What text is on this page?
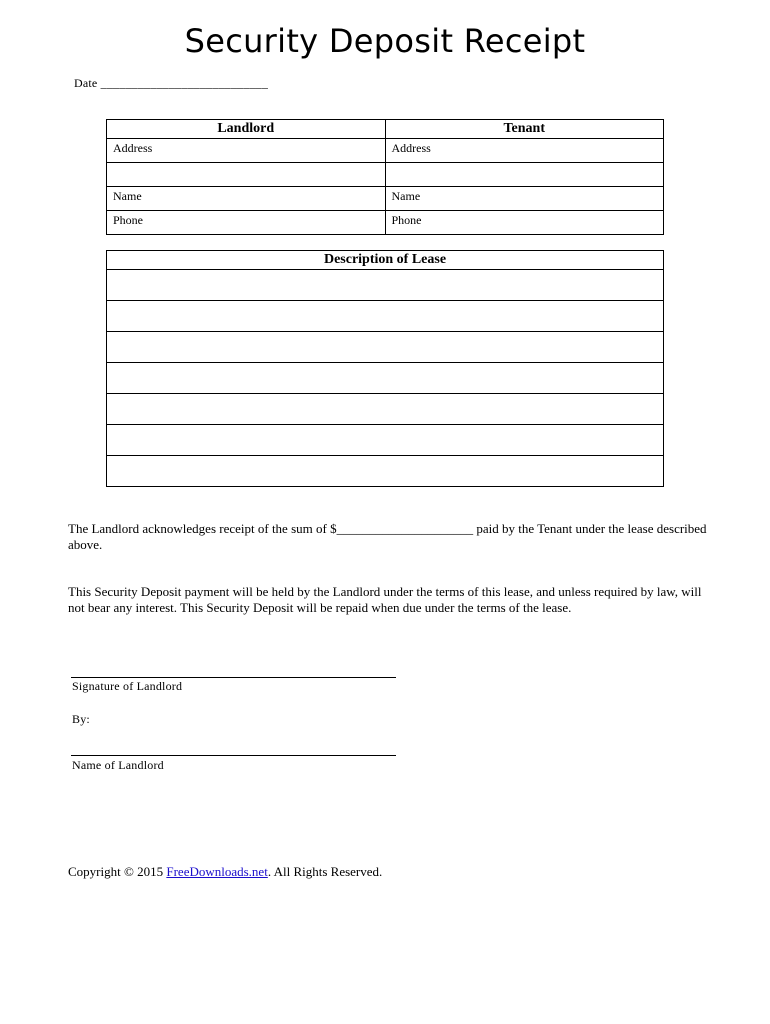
Security Deposit Receipt
Date ___________________________
Landlord	Tenant
Address	Address

Name	Name
Phone	Phone
Description of Lease

The Landlord acknowledges receipt of the sum of $_____________________ paid by the Tenant under the lease described above.

This Security Deposit payment will be held by the Landlord under the terms of this lease, and unless required by law, will not bear any interest. This Security Deposit will be repaid when due under the terms of the lease.

Signature of Landlord
By:
Name of Landlord
Copyright © 2015 FreeDownloads.net. All Rights Reserved.
